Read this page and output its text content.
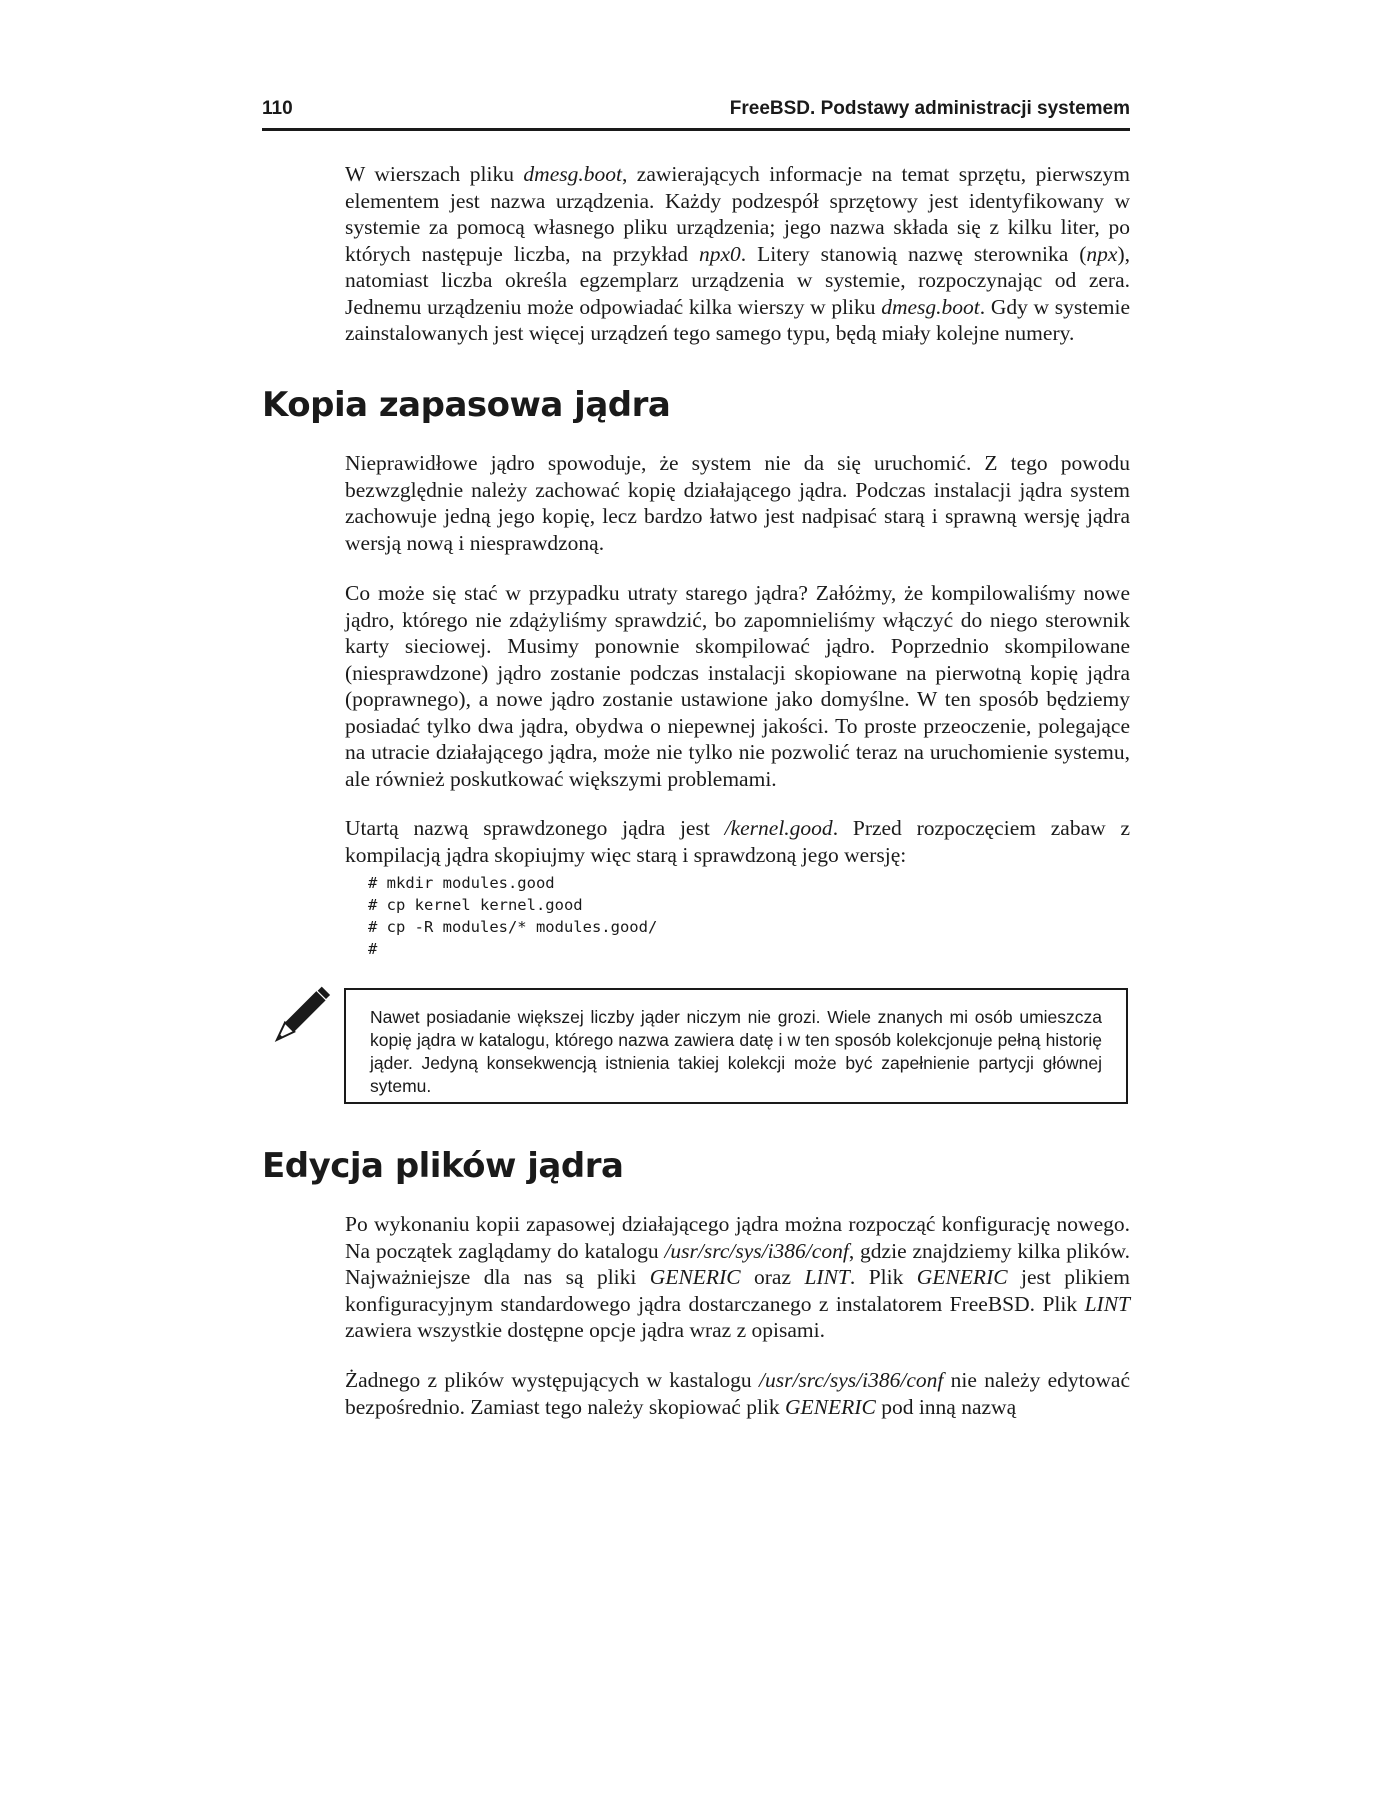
110	FreeBSD. Podstawy administracji systemem

W wierszach pliku dmesg.boot, zawierających informacje na temat sprzętu, pierwszym elementem jest nazwa urządzenia. Każdy podzespół sprzętowy jest identyfikowany w systemie za pomocą własnego pliku urządzenia; jego nazwa składa się z kilku liter, po których następuje liczba, na przykład npx0. Litery stanowią nazwę sterownika (npx), natomiast liczba określa egzemplarz urządzenia w systemie, rozpoczynając od zera. Jednemu urządzeniu może odpowiadać kilka wierszy w pliku dmesg.boot. Gdy w systemie zainstalowanych jest więcej urządzeń tego samego typu, będą miały kolejne numery.

Kopia zapasowa jądra

Nieprawidłowe jądro spowoduje, że system nie da się uruchomić. Z tego powodu bezwzględnie należy zachować kopię działającego jądra. Podczas instalacji jądra system zachowuje jedną jego kopię, lecz bardzo łatwo jest nadpisać starą i sprawną wersję jądra wersją nową i niesprawdzoną.

Co może się stać w przypadku utraty starego jądra? Załóżmy, że kompilowaliśmy nowe jądro, którego nie zdążyliśmy sprawdzić, bo zapomnieliśmy włączyć do niego sterownik karty sieciowej. Musimy ponownie skompilować jądro. Poprzednio skompilowane (niesprawdzone) jądro zostanie podczas instalacji skopiowane na pierwotną kopię jądra (poprawnego), a nowe jądro zostanie ustawione jako domyślne. W ten sposób będziemy posiadać tylko dwa jądra, obydwa o niepewnej jakości. To proste przeoczenie, polegające na utracie działającego jądra, może nie tylko nie pozwolić teraz na uruchomienie systemu, ale również poskutkować większymi problemami.

Utartą nazwą sprawdzonego jądra jest /kernel.good. Przed rozpoczęciem zabaw z kompilacją jądra skopiujmy więc starą i sprawdzoną jego wersję:

# mkdir modules.good
# cp kernel kernel.good
# cp -R modules/* modules.good/
#

Nawet posiadanie większej liczby jąder niczym nie grozi. Wiele znanych mi osób umieszcza kopię jądra w katalogu, którego nazwa zawiera datę i w ten sposób kolekcjonuje pełną historię jąder. Jedyną konsekwencją istnienia takiej kolekcji może być zapełnienie partycji głównej sytemu.

Edycja plików jądra

Po wykonaniu kopii zapasowej działającego jądra można rozpocząć konfigurację nowego. Na początek zaglądamy do katalogu /usr/src/sys/i386/conf, gdzie znajdziemy kilka plików. Najważniejsze dla nas są pliki GENERIC oraz LINT. Plik GENERIC jest plikiem konfiguracyjnym standardowego jądra dostarczanego z instalatorem FreeBSD. Plik LINT zawiera wszystkie dostępne opcje jądra wraz z opisami.

Żadnego z plików występujących w kastalogu /usr/src/sys/i386/conf nie należy edytować bezpośrednio. Zamiast tego należy skopiować plik GENERIC pod inną nazwą
